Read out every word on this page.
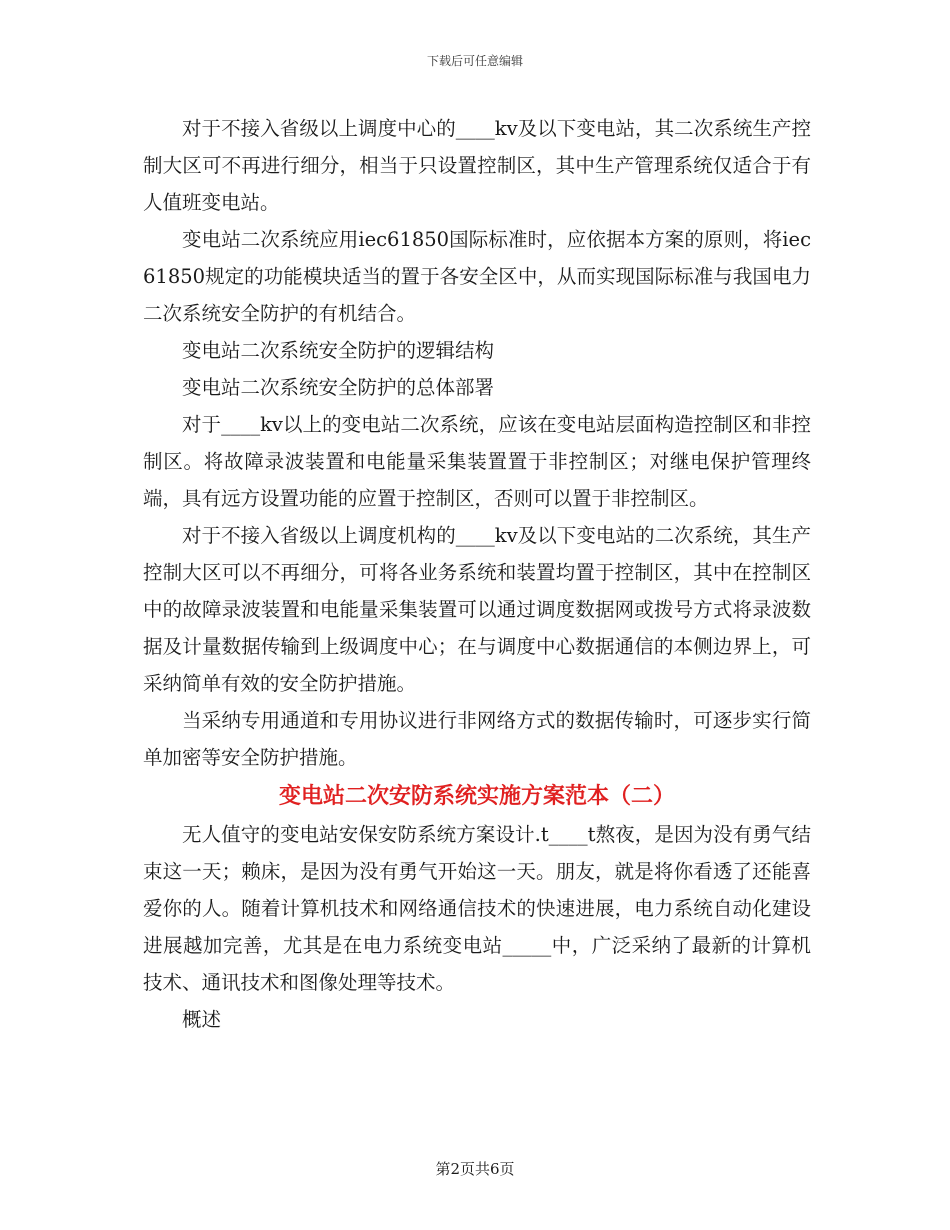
下载后可任意编辑

对于不接入省级以上调度中心的____kv及以下变电站，其二次系统生产控制大区可不再进行细分，相当于只设置控制区，其中生产管理系统仅适合于有人值班变电站。

变电站二次系统应用iec61850国际标准时，应依据本方案的原则，将iec61850规定的功能模块适当的置于各安全区中，从而实现国际标准与我国电力二次系统安全防护的有机结合。

变电站二次系统安全防护的逻辑结构

变电站二次系统安全防护的总体部署

对于____kv以上的变电站二次系统，应该在变电站层面构造控制区和非控制区。将故障录波装置和电能量采集装置置于非控制区；对继电保护管理终端，具有远方设置功能的应置于控制区，否则可以置于非控制区。

对于不接入省级以上调度机构的____kv及以下变电站的二次系统，其生产控制大区可以不再细分，可将各业务系统和装置均置于控制区，其中在控制区中的故障录波装置和电能量采集装置可以通过调度数据网或拨号方式将录波数据及计量数据传输到上级调度中心；在与调度中心数据通信的本侧边界上，可采纳简单有效的安全防护措施。

当采纳专用通道和专用协议进行非网络方式的数据传输时，可逐步实行简单加密等安全防护措施。

变电站二次安防系统实施方案范本（二）

无人值守的变电站安保安防系统方案设计.t____t熬夜，是因为没有勇气结束这一天；赖床，是因为没有勇气开始这一天。朋友，就是将你看透了还能喜爱你的人。随着计算机技术和网络通信技术的快速进展，电力系统自动化建设进展越加完善，尤其是在电力系统变电站_____中，广泛采纳了最新的计算机技术、通讯技术和图像处理等技术。

概述

第2页共6页
